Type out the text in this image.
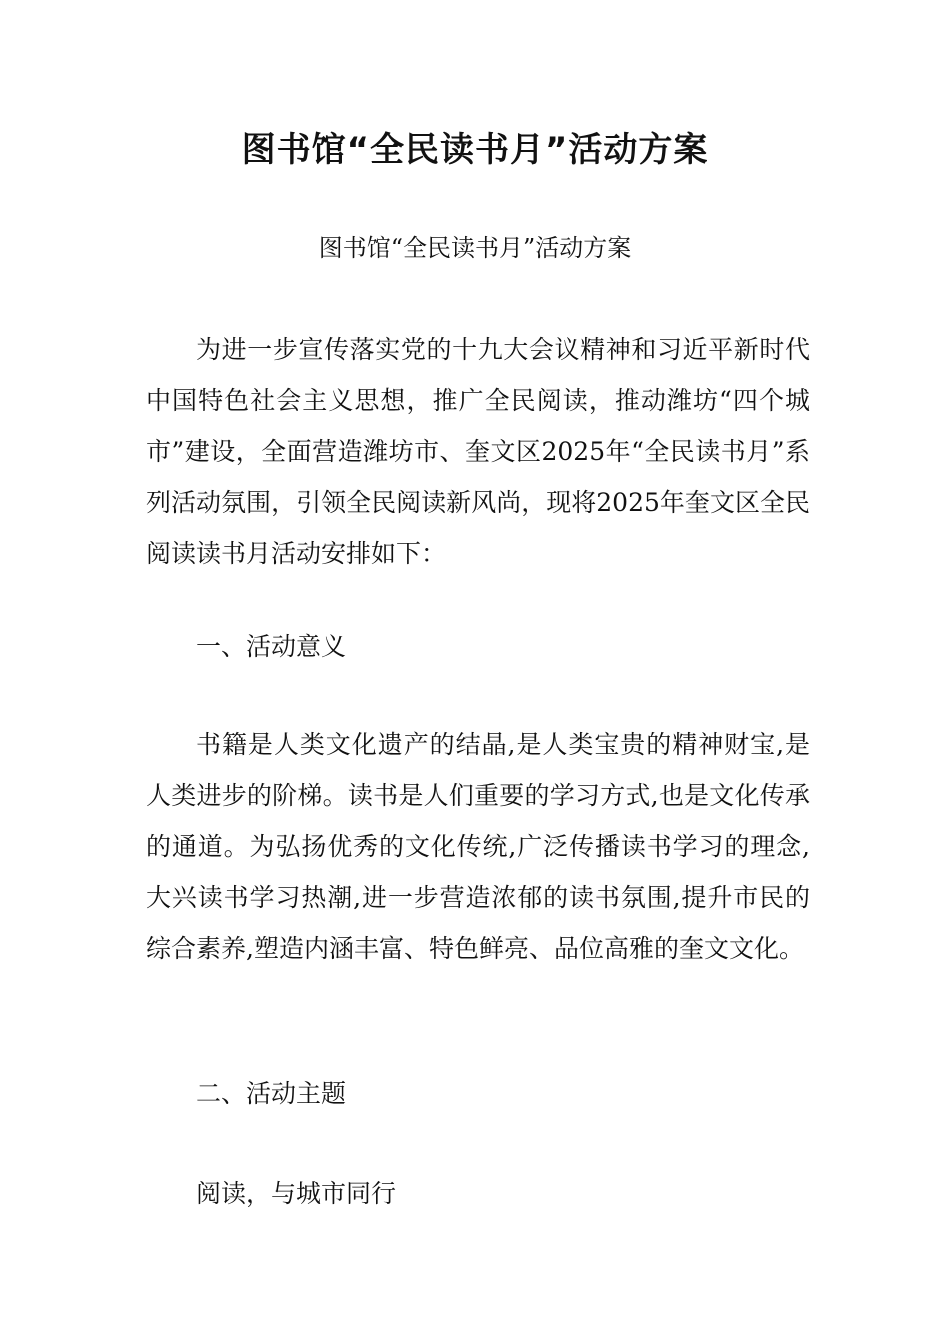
图书馆“全民读书月”活动方案

图书馆“全民读书月”活动方案

为进一步宣传落实党的十九大会议精神和习近平新时代中国特色社会主义思想，推广全民阅读，推动潍坊“四个城市”建设，全面营造潍坊市、奎文区2025年“全民读书月”系列活动氛围，引领全民阅读新风尚，现将2025年奎文区全民阅读读书月活动安排如下：

一、活动意义

书籍是人类文化遗产的结晶,是人类宝贵的精神财宝,是人类进步的阶梯。读书是人们重要的学习方式,也是文化传承的通道。为弘扬优秀的文化传统,广泛传播读书学习的理念,大兴读书学习热潮,进一步营造浓郁的读书氛围,提升市民的综合素养,塑造内涵丰富、特色鲜亮、品位高雅的奎文文化。

二、活动主题

阅读，与城市同行
